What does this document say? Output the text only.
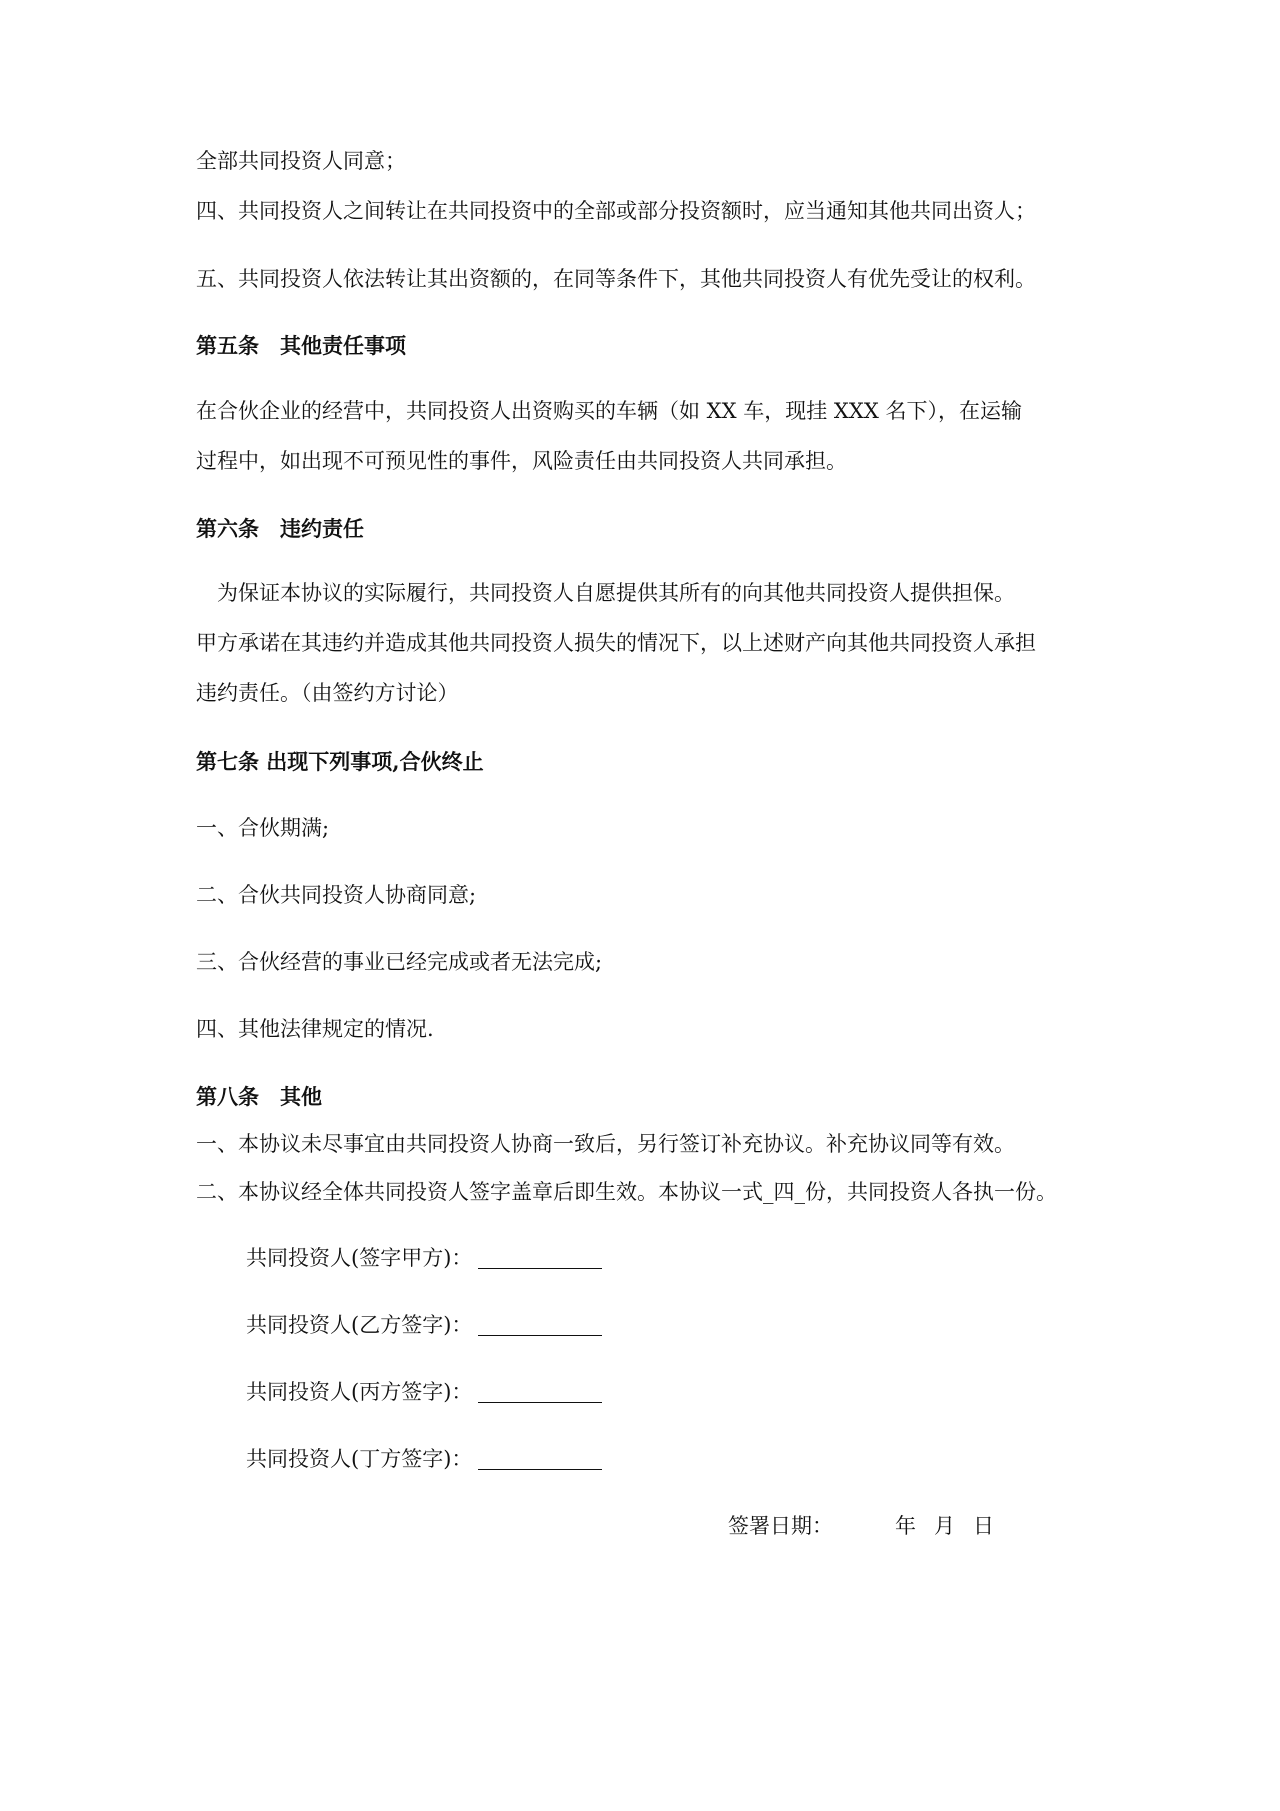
全部共同投资人同意；
四、共同投资人之间转让在共同投资中的全部或部分投资额时，应当通知其他共同出资人；
五、共同投资人依法转让其出资额的，在同等条件下，其他共同投资人有优先受让的权利。
第五条　其他责任事项
在合伙企业的经营中，共同投资人出资购买的车辆（如 XX 车，现挂 XXX 名下），在运输
过程中，如出现不可预见性的事件，风险责任由共同投资人共同承担。
第六条　违约责任
　为保证本协议的实际履行，共同投资人自愿提供其所有的向其他共同投资人提供担保。
甲方承诺在其违约并造成其他共同投资人损失的情况下，以上述财产向其他共同投资人承担
违约责任。（由签约方讨论）
第七条 出现下列事项,合伙终止
一、合伙期满;
二、合伙共同投资人协商同意;
三、合伙经营的事业已经完成或者无法完成;
四、其他法律规定的情况.
第八条　其他
一、本协议未尽事宜由共同投资人协商一致后，另行签订补充协议。补充协议同等有效。
二、本协议经全体共同投资人签字盖章后即生效。本协议一式_四_份，共同投资人各执一份。
共同投资人(签字甲方)：
共同投资人(乙方签字)：
共同投资人(丙方签字)：
共同投资人(丁方签字)：
签署日期：	年 月 日
